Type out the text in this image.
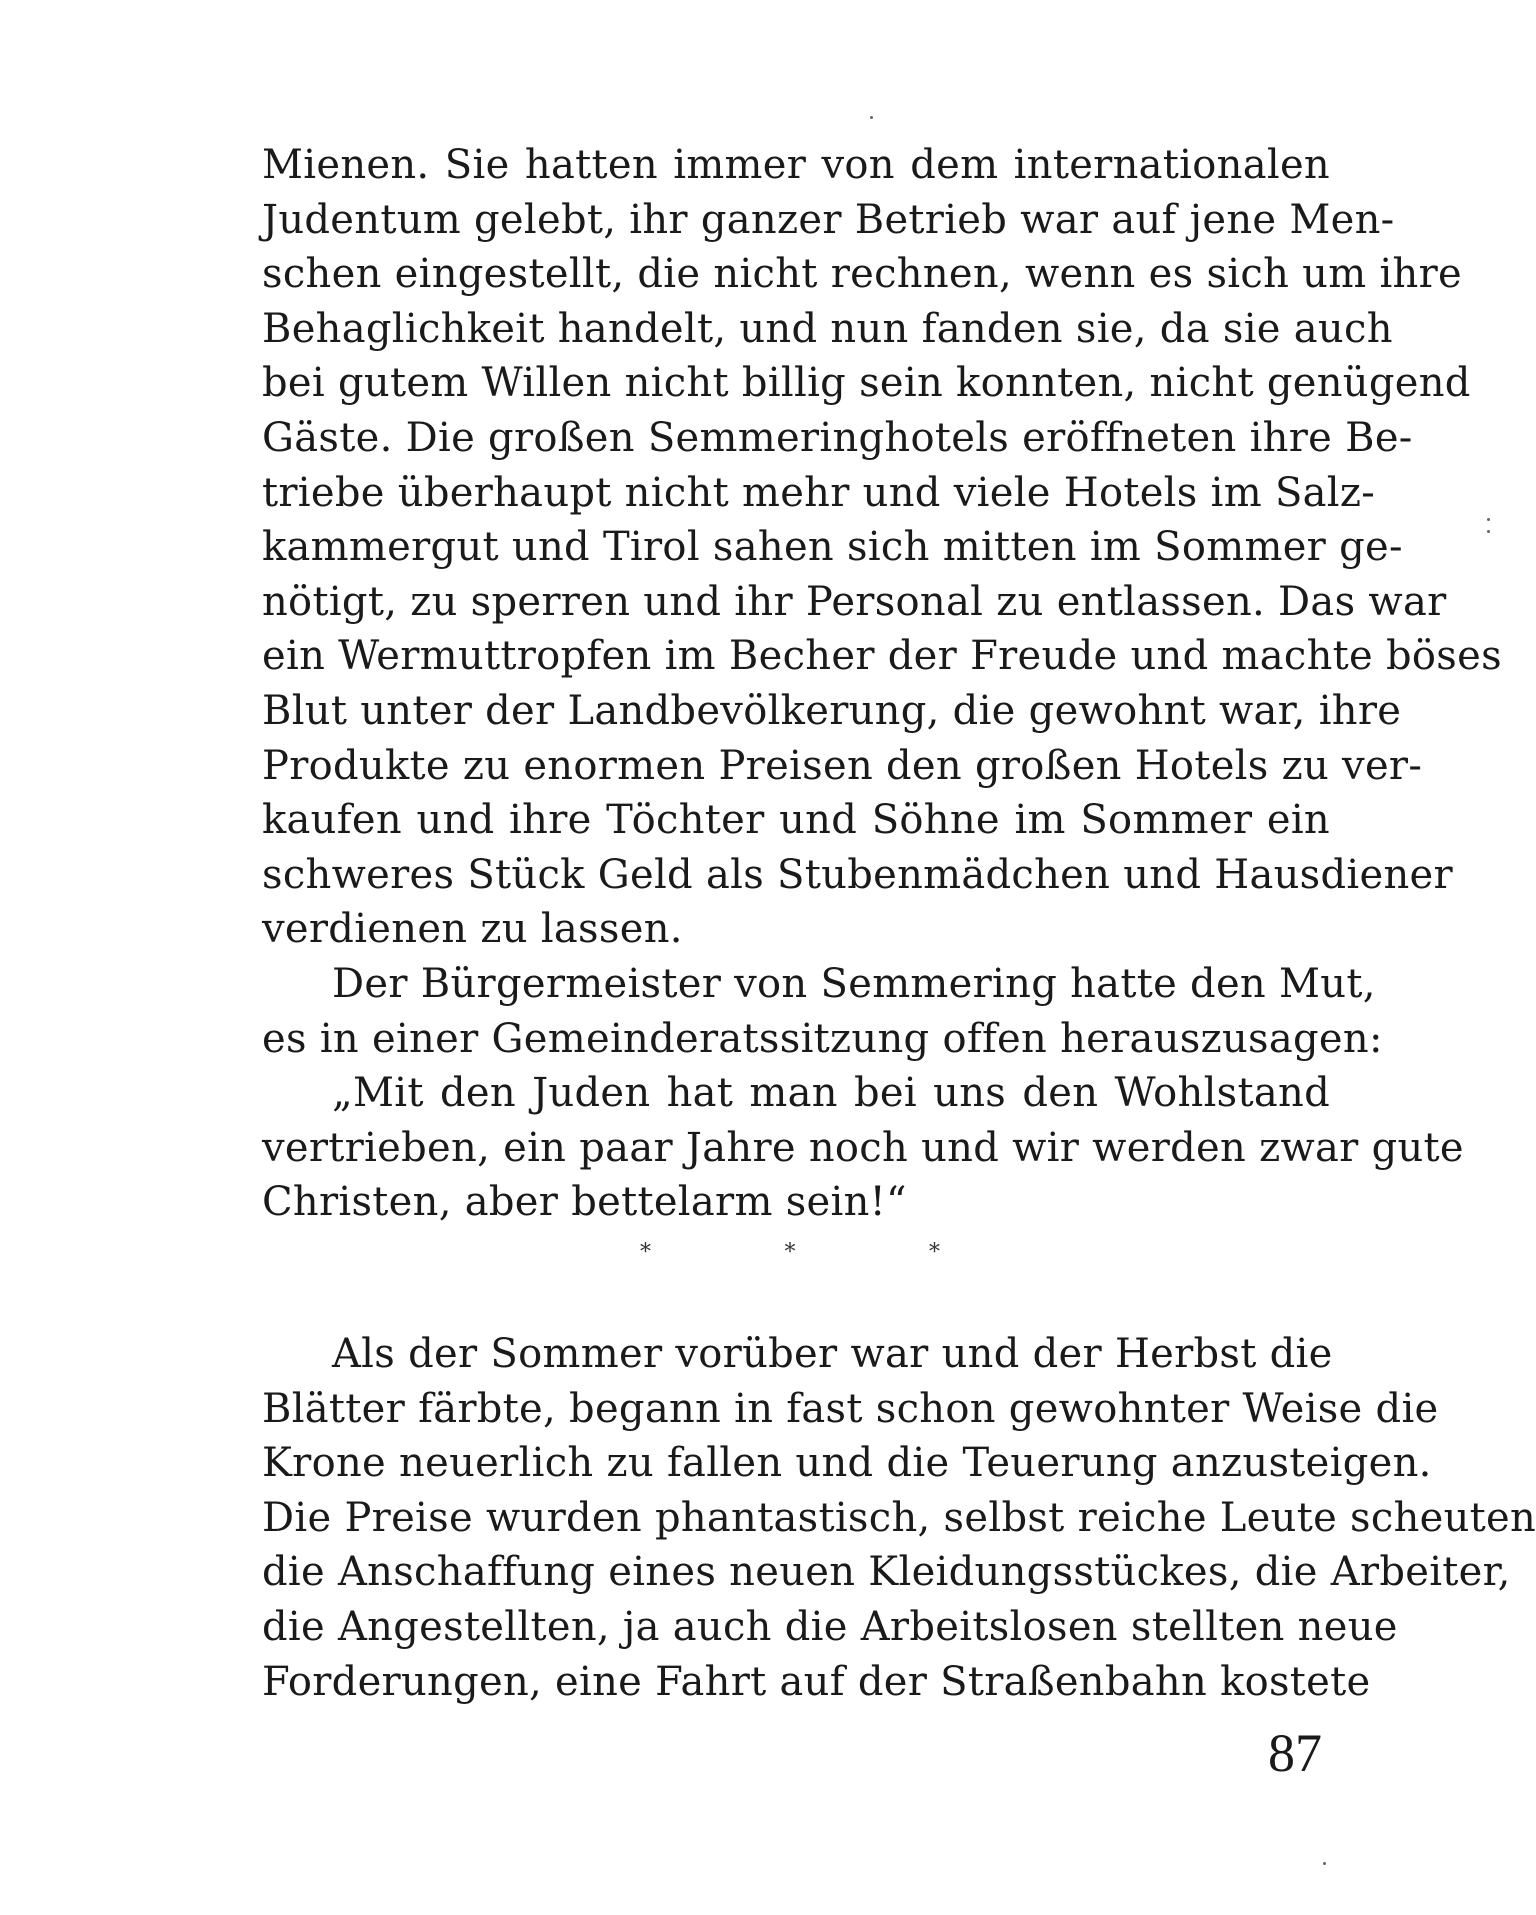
Mienen. Sie hatten immer von dem internationalen
Judentum gelebt, ihr ganzer Betrieb war auf jene Men-
schen eingestellt, die nicht rechnen, wenn es sich um ihre
Behaglichkeit handelt, und nun fanden sie, da sie auch
bei gutem Willen nicht billig sein konnten, nicht genügend
Gäste. Die großen Semmeringhotels eröffneten ihre Be-
triebe überhaupt nicht mehr und viele Hotels im Salz-
kammergut und Tirol sahen sich mitten im Sommer ge-
nötigt, zu sperren und ihr Personal zu entlassen. Das war
ein Wermuttropfen im Becher der Freude und machte böses
Blut unter der Landbevölkerung, die gewohnt war, ihre
Produkte zu enormen Preisen den großen Hotels zu ver-
kaufen und ihre Töchter und Söhne im Sommer ein
schweres Stück Geld als Stubenmädchen und Hausdiener
verdienen zu lassen.
Der Bürgermeister von Semmering hatte den Mut,
es in einer Gemeinderatssitzung offen herauszusagen:
„Mit den Juden hat man bei uns den Wohlstand
vertrieben, ein paar Jahre noch und wir werden zwar gute
Christen, aber bettelarm sein!“
*	*	*
Als der Sommer vorüber war und der Herbst die
Blätter färbte, begann in fast schon gewohnter Weise die
Krone neuerlich zu fallen und die Teuerung anzusteigen.
Die Preise wurden phantastisch, selbst reiche Leute scheuten
die Anschaffung eines neuen Kleidungsstückes, die Arbeiter,
die Angestellten, ja auch die Arbeitslosen stellten neue
Forderungen, eine Fahrt auf der Straßenbahn kostete
87
